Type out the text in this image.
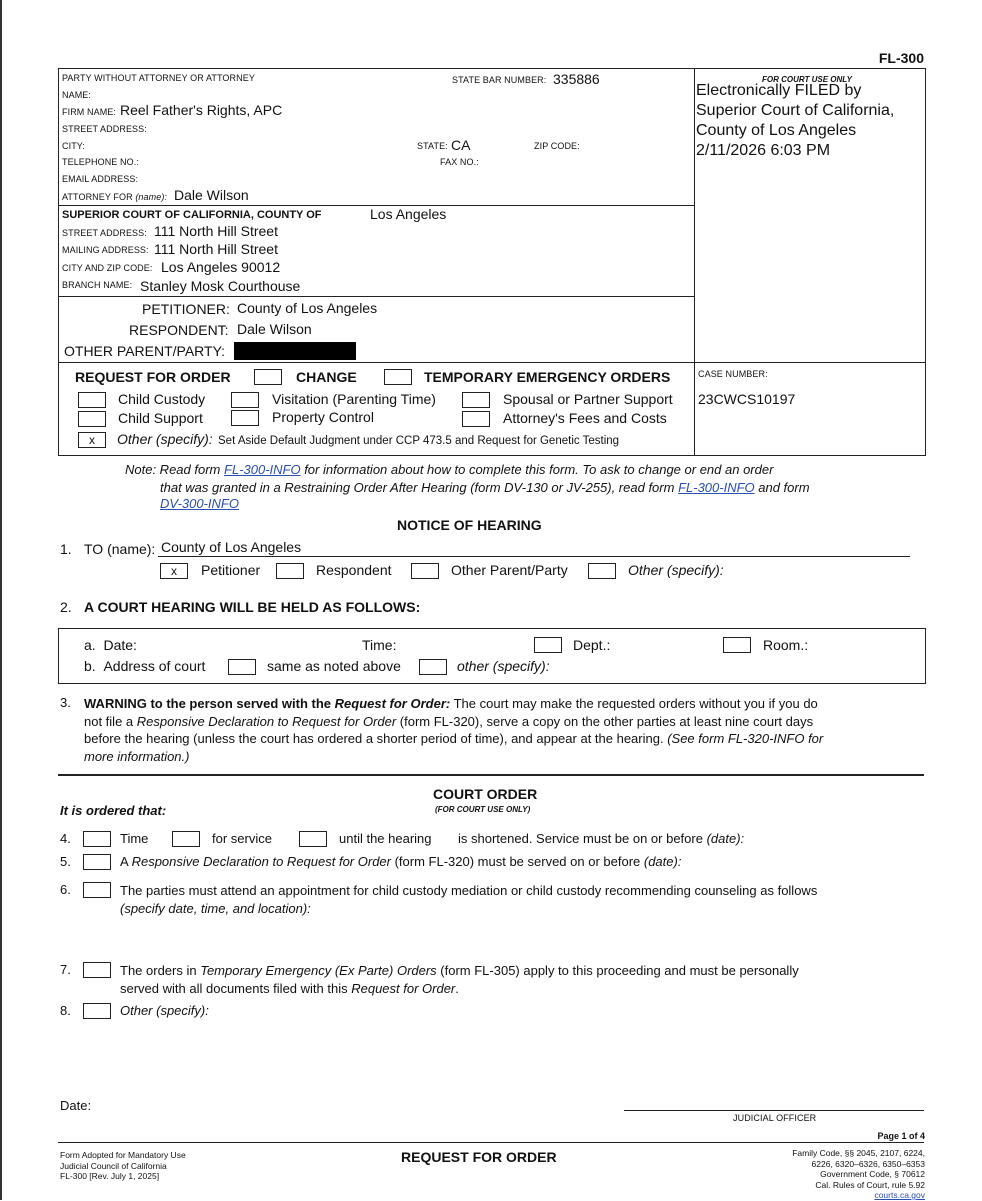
FL-300
PARTY WITHOUT ATTORNEY OR ATTORNEY	STATE BAR NUMBER: 335886
NAME:
FIRM NAME: Reel Father's Rights, APC
STREET ADDRESS:
CITY:	STATE: CA	ZIP CODE:
TELEPHONE NO.:	FAX NO.:
EMAIL ADDRESS:
ATTORNEY FOR (name): Dale Wilson
FOR COURT USE ONLY
Electronically FILED by
Superior Court of California,
County of Los Angeles
2/11/2026 6:03 PM
SUPERIOR COURT OF CALIFORNIA, COUNTY OF	Los Angeles
STREET ADDRESS: 111 North Hill Street
MAILING ADDRESS: 111 North Hill Street
CITY AND ZIP CODE: Los Angeles 90012
BRANCH NAME: Stanley Mosk Courthouse
PETITIONER: County of Los Angeles
RESPONDENT: Dale Wilson
OTHER PARENT/PARTY:
REQUEST FOR ORDER	CHANGE	TEMPORARY EMERGENCY ORDERS
Child Custody	Visitation (Parenting Time)	Spousal or Partner Support
Child Support	Property Control	Attorney's Fees and Costs
x	Other (specify): Set Aside Default Judgment under CCP 473.5 and Request for Genetic Testing
CASE NUMBER:
23CWCS10197
Note: Read form FL-300-INFO for information about how to complete this form. To ask to change or end an order
that was granted in a Restraining Order After Hearing (form DV-130 or JV-255), read form FL-300-INFO and form
DV-300-INFO
NOTICE OF HEARING
1. TO (name): County of Los Angeles
x	Petitioner	Respondent	Other Parent/Party	Other (specify):
2. A COURT HEARING WILL BE HELD AS FOLLOWS:
a. Date:	Time:	Dept.:	Room.:
b. Address of court	same as noted above	other (specify):
3. WARNING to the person served with the Request for Order: The court may make the requested orders without you if you do
not file a Responsive Declaration to Request for Order (form FL-320), serve a copy on the other parties at least nine court days
before the hearing (unless the court has ordered a shorter period of time), and appear at the hearing. (See form FL-320-INFO for
more information.)
COURT ORDER
(FOR COURT USE ONLY)
It is ordered that:
4.	Time	for service	until the hearing is shortened. Service must be on or before (date):
5.	A Responsive Declaration to Request for Order (form FL-320) must be served on or before (date):
6.	The parties must attend an appointment for child custody mediation or child custody recommending counseling as follows
(specify date, time, and location):
7.	The orders in Temporary Emergency (Ex Parte) Orders (form FL-305) apply to this proceeding and must be personally
served with all documents filed with this Request for Order.
8.	Other (specify):
Date:
JUDICIAL OFFICER
Page 1 of 4
Form Adopted for Mandatory Use
Judicial Council of California
FL-300 [Rev. July 1, 2025]
REQUEST FOR ORDER	Family Code, §§ 2045, 2107, 6224,
6226, 6320–6326, 6350–6353
Government Code, § 70612
Cal. Rules of Court, rule 5.92
courts.ca.gov
